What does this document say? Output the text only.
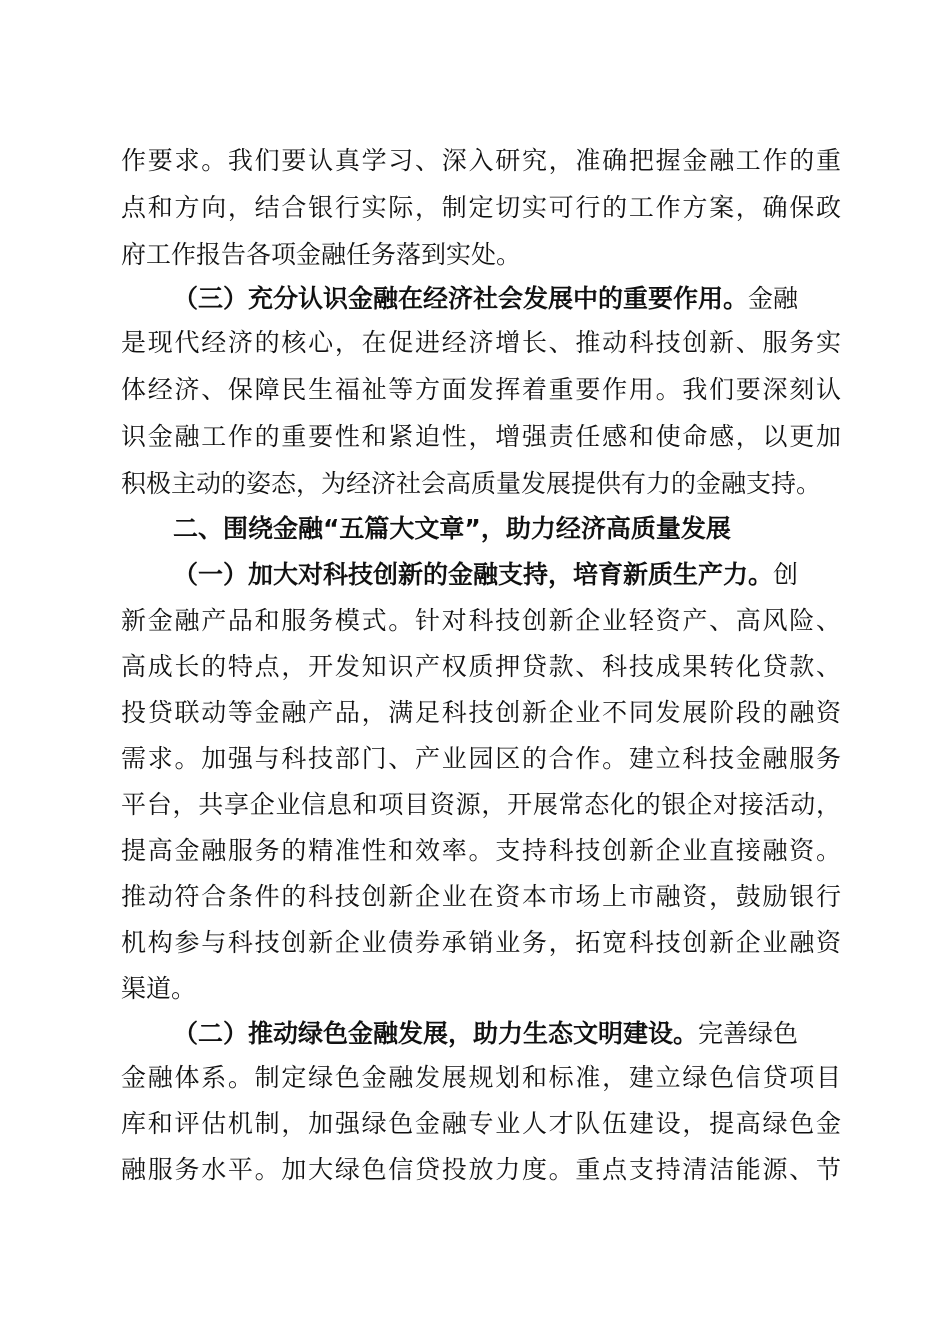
作要求。我们要认真学习、深入研究，准确把握金融工作的重
点和方向，结合银行实际，制定切实可行的工作方案，确保政
府工作报告各项金融任务落到实处。
（三）充分认识金融在经济社会发展中的重要作用。金融
是现代经济的核心，在促进经济增长、推动科技创新、服务实
体经济、保障民生福祉等方面发挥着重要作用。我们要深刻认
识金融工作的重要性和紧迫性，增强责任感和使命感，以更加
积极主动的姿态，为经济社会高质量发展提供有力的金融支持。
二、围绕金融“五篇大文章”，助力经济高质量发展
（一）加大对科技创新的金融支持，培育新质生产力。创
新金融产品和服务模式。针对科技创新企业轻资产、高风险、
高成长的特点，开发知识产权质押贷款、科技成果转化贷款、
投贷联动等金融产品，满足科技创新企业不同发展阶段的融资
需求。加强与科技部门、产业园区的合作。建立科技金融服务
平台，共享企业信息和项目资源，开展常态化的银企对接活动，
提高金融服务的精准性和效率。支持科技创新企业直接融资。
推动符合条件的科技创新企业在资本市场上市融资，鼓励银行
机构参与科技创新企业债券承销业务，拓宽科技创新企业融资
渠道。
（二）推动绿色金融发展，助力生态文明建设。完善绿色
金融体系。制定绿色金融发展规划和标准，建立绿色信贷项目
库和评估机制，加强绿色金融专业人才队伍建设，提高绿色金
融服务水平。加大绿色信贷投放力度。重点支持清洁能源、节
